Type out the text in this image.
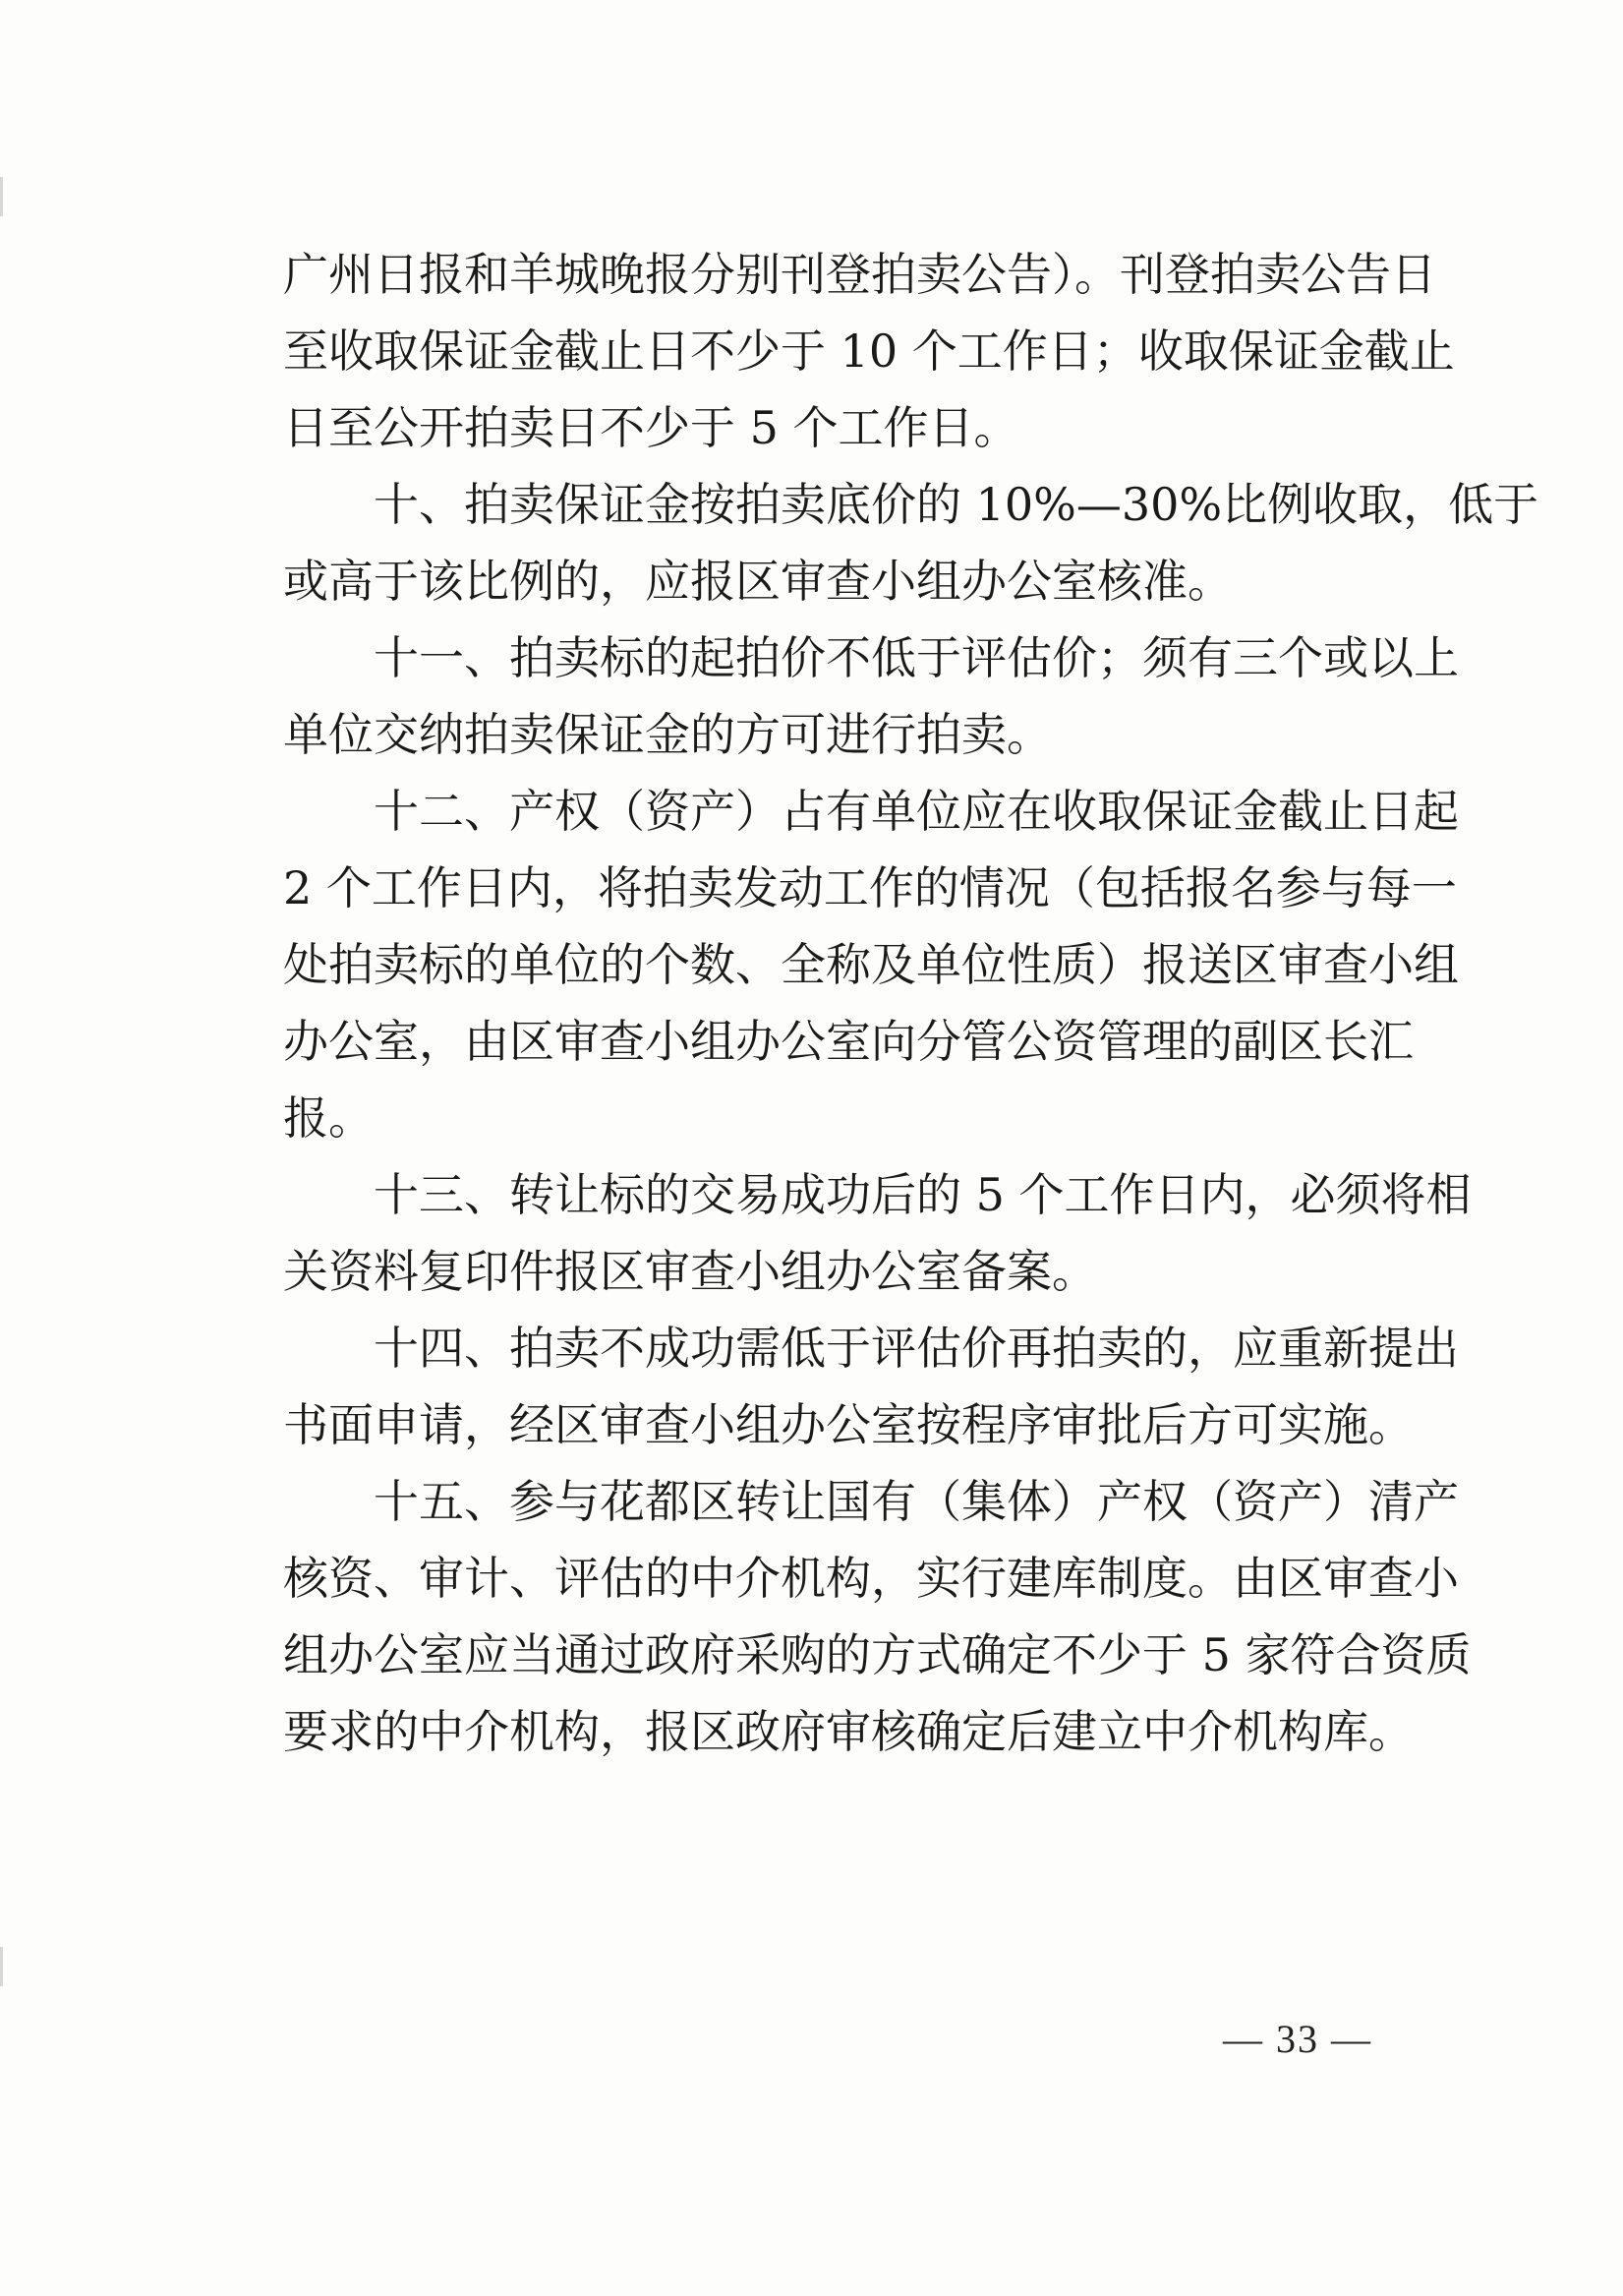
广州日报和羊城晚报分别刊登拍卖公告）。刊登拍卖公告日
至收取保证金截止日不少于 10 个工作日；收取保证金截止
日至公开拍卖日不少于 5 个工作日。
十、拍卖保证金按拍卖底价的 10%—30%比例收取，低于
或高于该比例的，应报区审查小组办公室核准。
十一、拍卖标的起拍价不低于评估价；须有三个或以上
单位交纳拍卖保证金的方可进行拍卖。
十二、产权（资产）占有单位应在收取保证金截止日起
2 个工作日内，将拍卖发动工作的情况（包括报名参与每一
处拍卖标的单位的个数、全称及单位性质）报送区审查小组
办公室，由区审查小组办公室向分管公资管理的副区长汇
报。
十三、转让标的交易成功后的 5 个工作日内，必须将相
关资料复印件报区审查小组办公室备案。
十四、拍卖不成功需低于评估价再拍卖的，应重新提出
书面申请，经区审查小组办公室按程序审批后方可实施。
十五、参与花都区转让国有（集体）产权（资产）清产
核资、审计、评估的中介机构，实行建库制度。由区审查小
组办公室应当通过政府采购的方式确定不少于 5 家符合资质
要求的中介机构，报区政府审核确定后建立中介机构库。
— 33 —
